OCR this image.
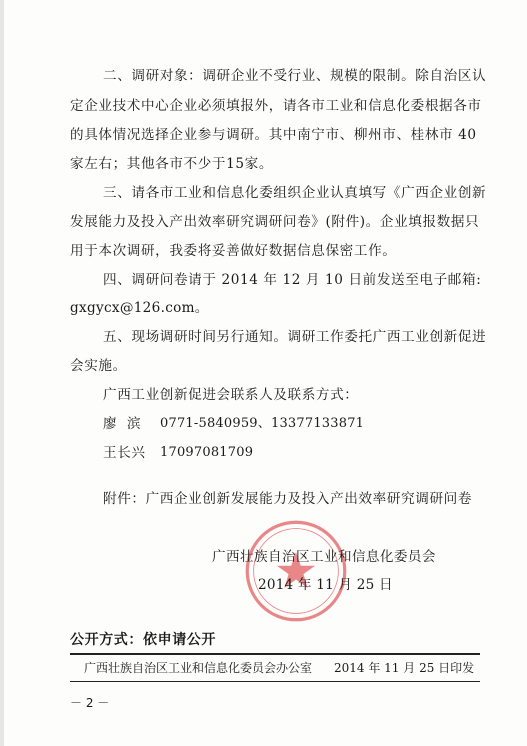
二、调研对象：调研企业不受行业、规模的限制。除自治区认
定企业技术中心企业必须填报外，请各市工业和信息化委根据各市
的具体情况选择企业参与调研。其中南宁市、柳州市、桂林市 40
家左右；其他各市不少于15家。
三、请各市工业和信息化委组织企业认真填写《广西企业创新
发展能力及投入产出效率研究调研问卷》(附件)。企业填报数据只
用于本次调研，我委将妥善做好数据信息保密工作。
四、调研问卷请于 2014 年 12 月 10 日前发送至电子邮箱:
gxgycx@126.com。
五、现场调研时间另行通知。调研工作委托广西工业创新促进
会实施。
广西工业创新促进会联系人及联系方式：
廖  滨 0771-5840959、13377133871
王长兴 17097081709
附件：广西企业创新发展能力及投入产出效率研究调研问卷
广西壮族自治区工业和信息化委员会
2014 年 11 月 25 日
公开方式：依申请公开
广西壮族自治区工业和信息化委员会办公室 2014 年 11 月 25 日印发
－ 2 －
